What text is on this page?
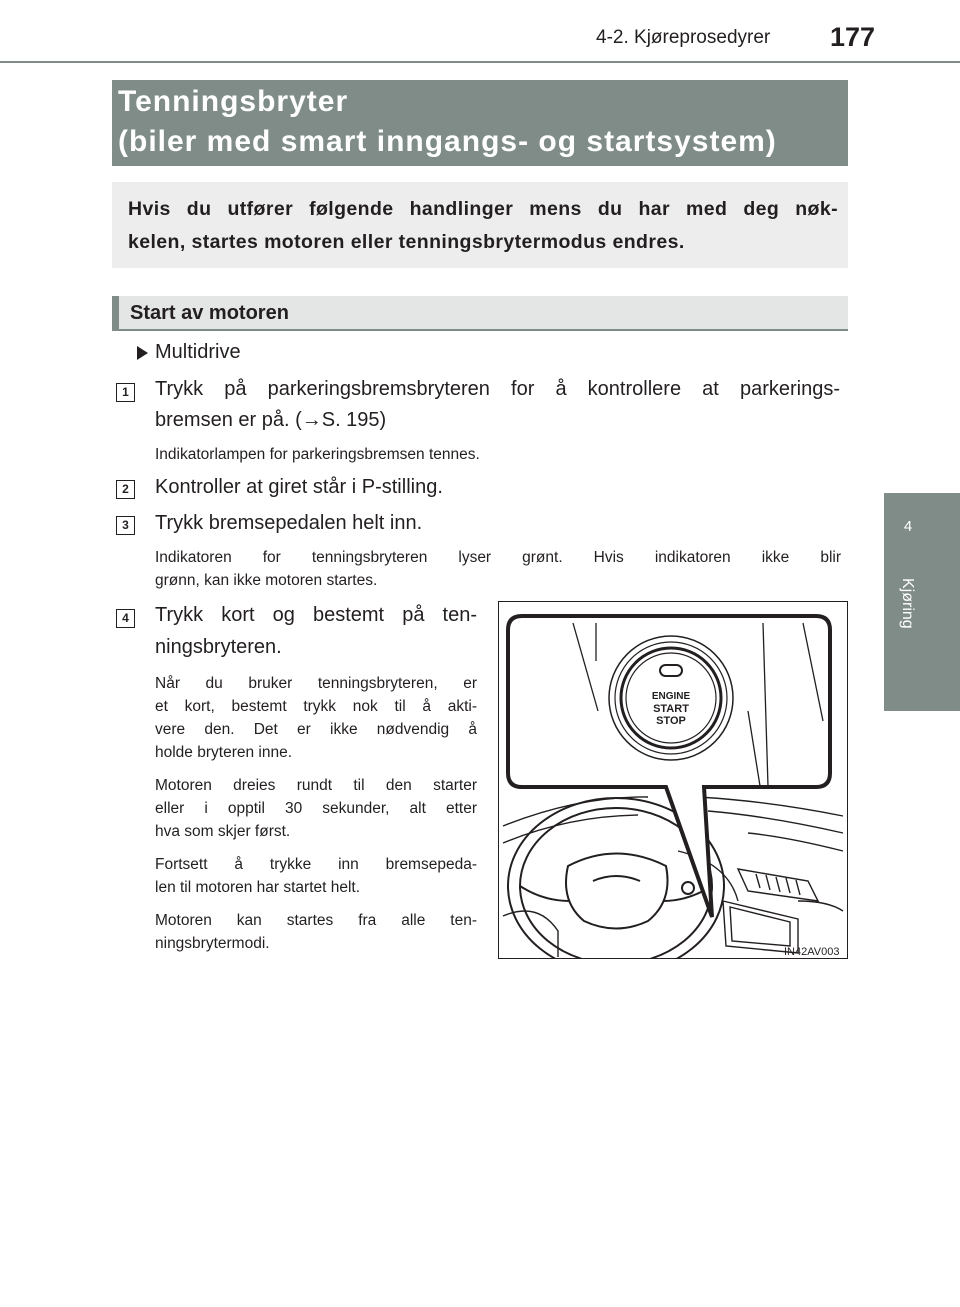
4-2. Kjøreprosedyrer 177
4
Kjøring
Tenningsbryter
(biler med smart inngangs- og startsystem)
Hvis du utfører følgende handlinger mens du har med deg nøk-
kelen, startes motoren eller tenningsbrytermodus endres.
Start av motoren
Multidrive
1	Trykk på parkeringsbremsbryteren for å kontrollere at parkerings-
bremsen er på. (→S. 195)
Indikatorlampen for parkeringsbremsen tennes.
2	Kontroller at giret står i P-stilling.
3	Trykk bremsepedalen helt inn.
Indikatoren for tenningsbryteren lyser grønt. Hvis indikatoren ikke blir
grønn, kan ikke motoren startes.
4	Trykk kort og bestemt på ten-
ningsbryteren.
Når du bruker tenningsbryteren, er
et kort, bestemt trykk nok til å akti-
vere den. Det er ikke nødvendig å
holde bryteren inne.
Motoren dreies rundt til den starter
eller i opptil 30 sekunder, alt etter
hva som skjer først.
Fortsett å trykke inn bremsepeda-
len til motoren har startet helt.
Motoren kan startes fra alle ten-
ningsbrytermodi.
ENGINE
START
STOP
IN42AV003
